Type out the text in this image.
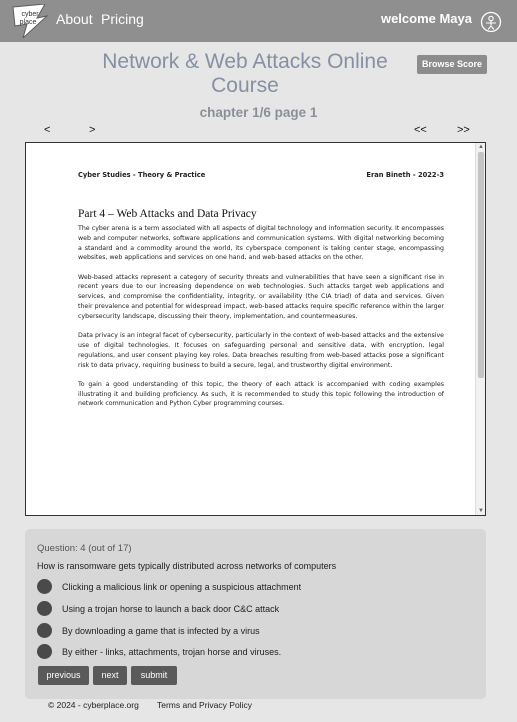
cyber
place About Pricing	welcome Maya
Network & Web Attacks Online Course
Browse Score
chapter 1/6 page 1
<	>	<<	>>
Cyber Studies - Theory & Practice	Eran Bineth - 2022-3
Part 4 – Web Attacks and Data Privacy

The cyber arena is a term associated with all aspects of digital technology and information security. It encompasses web and computer networks, software applications and communication systems. With digital networking becoming a standard and a commodity around the world, its cyberspace component is taking center stage, encompassing websites, web applications and services on one hand, and web-based attacks on the other.

Web-based attacks represent a category of security threats and vulnerabilities that have seen a significant rise in recent years due to our increasing dependence on web technologies. Such attacks target web applications and services, and compromise the confidentiality, integrity, or availability (the CIA triad) of data and services. Given their prevalence and potential for widespread impact, web-based attacks require specific reference within the larger cybersecurity landscape, discussing their theory, implementation, and countermeasures.

Data privacy is an integral facet of cybersecurity, particularly in the context of web-based attacks and the extensive use of digital technologies. It focuses on safeguarding personal and sensitive data, with encryption, legal regulations, and user consent playing key roles. Data breaches resulting from web-based attacks pose a significant risk to data privacy, requiring business to build a secure, legal, and trustworthy digital environment.

To gain a good understanding of this topic, the theory of each attack is accompanied with coding examples illustrating it and building proficiency. As such, it is recommended to study this topic following the introduction of network communication and Python Cyber programming courses.

▲
▼
Question: 4 (out of 17)
How is ransomware gets typically distributed across networks of computers
Clicking a malicious link or opening a suspicious attachment
Using a trojan horse to launch a back door C&C attack
By downloading a game that is infected by a virus
By either - links, attachments, trojan horse and viruses.
previous	next	submit
© 2024 - cyberplace.org Terms and Privacy Policy
